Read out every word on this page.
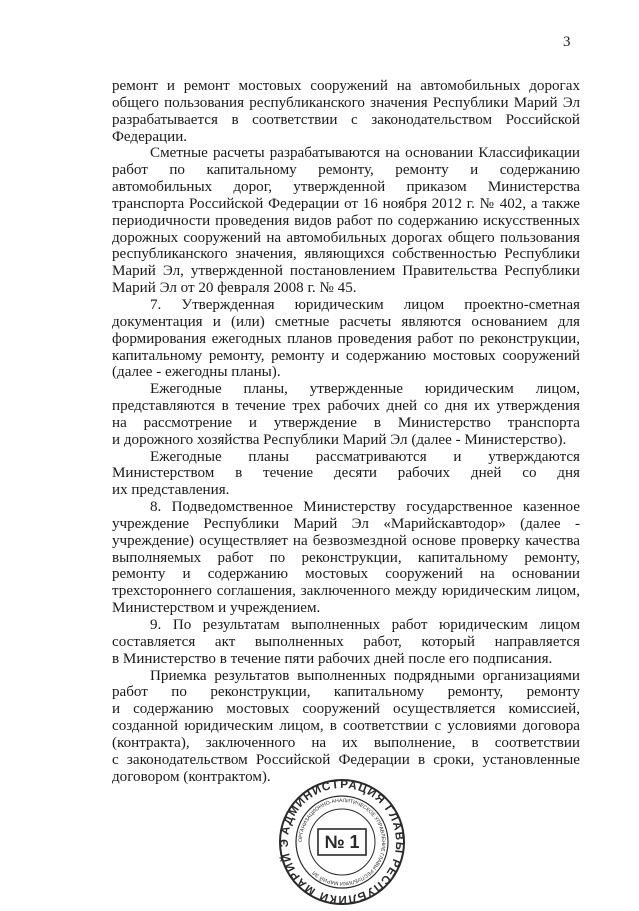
3
ремонт и ремонт мостовых сооружений на автомобильных дорогах
общего пользования республиканского значения Республики Марий Эл
разрабатывается в соответствии с законодательством Российской
Федерации.
Сметные расчеты разрабатываются на основании Классификации
работ по капитальному ремонту, ремонту и содержанию
автомобильных дорог, утвержденной приказом Министерства
транспорта Российской Федерации от 16 ноября 2012 г. № 402, а также
периодичности проведения видов работ по содержанию искусственных
дорожных сооружений на автомобильных дорогах общего пользования
республиканского значения, являющихся собственностью Республики
Марий Эл, утвержденной постановлением Правительства Республики
Марий Эл от 20 февраля 2008 г. № 45.
7. Утвержденная юридическим лицом проектно-сметная
документация и (или) сметные расчеты являются основанием для
формирования ежегодных планов проведения работ по реконструкции,
капитальному ремонту, ремонту и содержанию мостовых сооружений
(далее - ежегодны планы).
Ежегодные планы, утвержденные юридическим лицом,
представляются в течение трех рабочих дней со дня их утверждения
на рассмотрение и утверждение в Министерство транспорта
и дорожного хозяйства Республики Марий Эл (далее - Министерство).
Ежегодные планы рассматриваются и утверждаются
Министерством в течение десяти рабочих дней со дня
их представления.
8. Подведомственное Министерству государственное казенное
учреждение Республики Марий Эл «Марийскавтодор» (далее -
учреждение) осуществляет на безвозмездной основе проверку качества
выполняемых работ по реконструкции, капитальному ремонту,
ремонту и содержанию мостовых сооружений на основании
трехстороннего соглашения, заключенного между юридическим лицом,
Министерством и учреждением.
9. По результатам выполненных работ юридическим лицом
составляется акт выполненных работ, который направляется
в Министерство в течение пяти рабочих дней после его подписания.
Приемка результатов выполненных подрядными организациями
работ по реконструкции, капитальному ремонту, ремонту
и содержанию мостовых сооружений осуществляется комиссией,
созданной юридическим лицом, в соответствии с условиями договора
(контракта), заключенного на их выполнение, в соответствии
с законодательством Российской Федерации в сроки, установленные
договором (контрактом).
АДМИНИСТРАЦИЯ ГЛАВЫ РЕСПУБЛИКИ МАРИЙ ЭЛ
ОРГАНИЗАЦИОННО-АНАЛИТИЧЕСКОЕ УПРАВЛЕНИЕ ГЛАВЫ РЕСПУБЛИКИ МАРИЙ ЭЛ
№ 1
